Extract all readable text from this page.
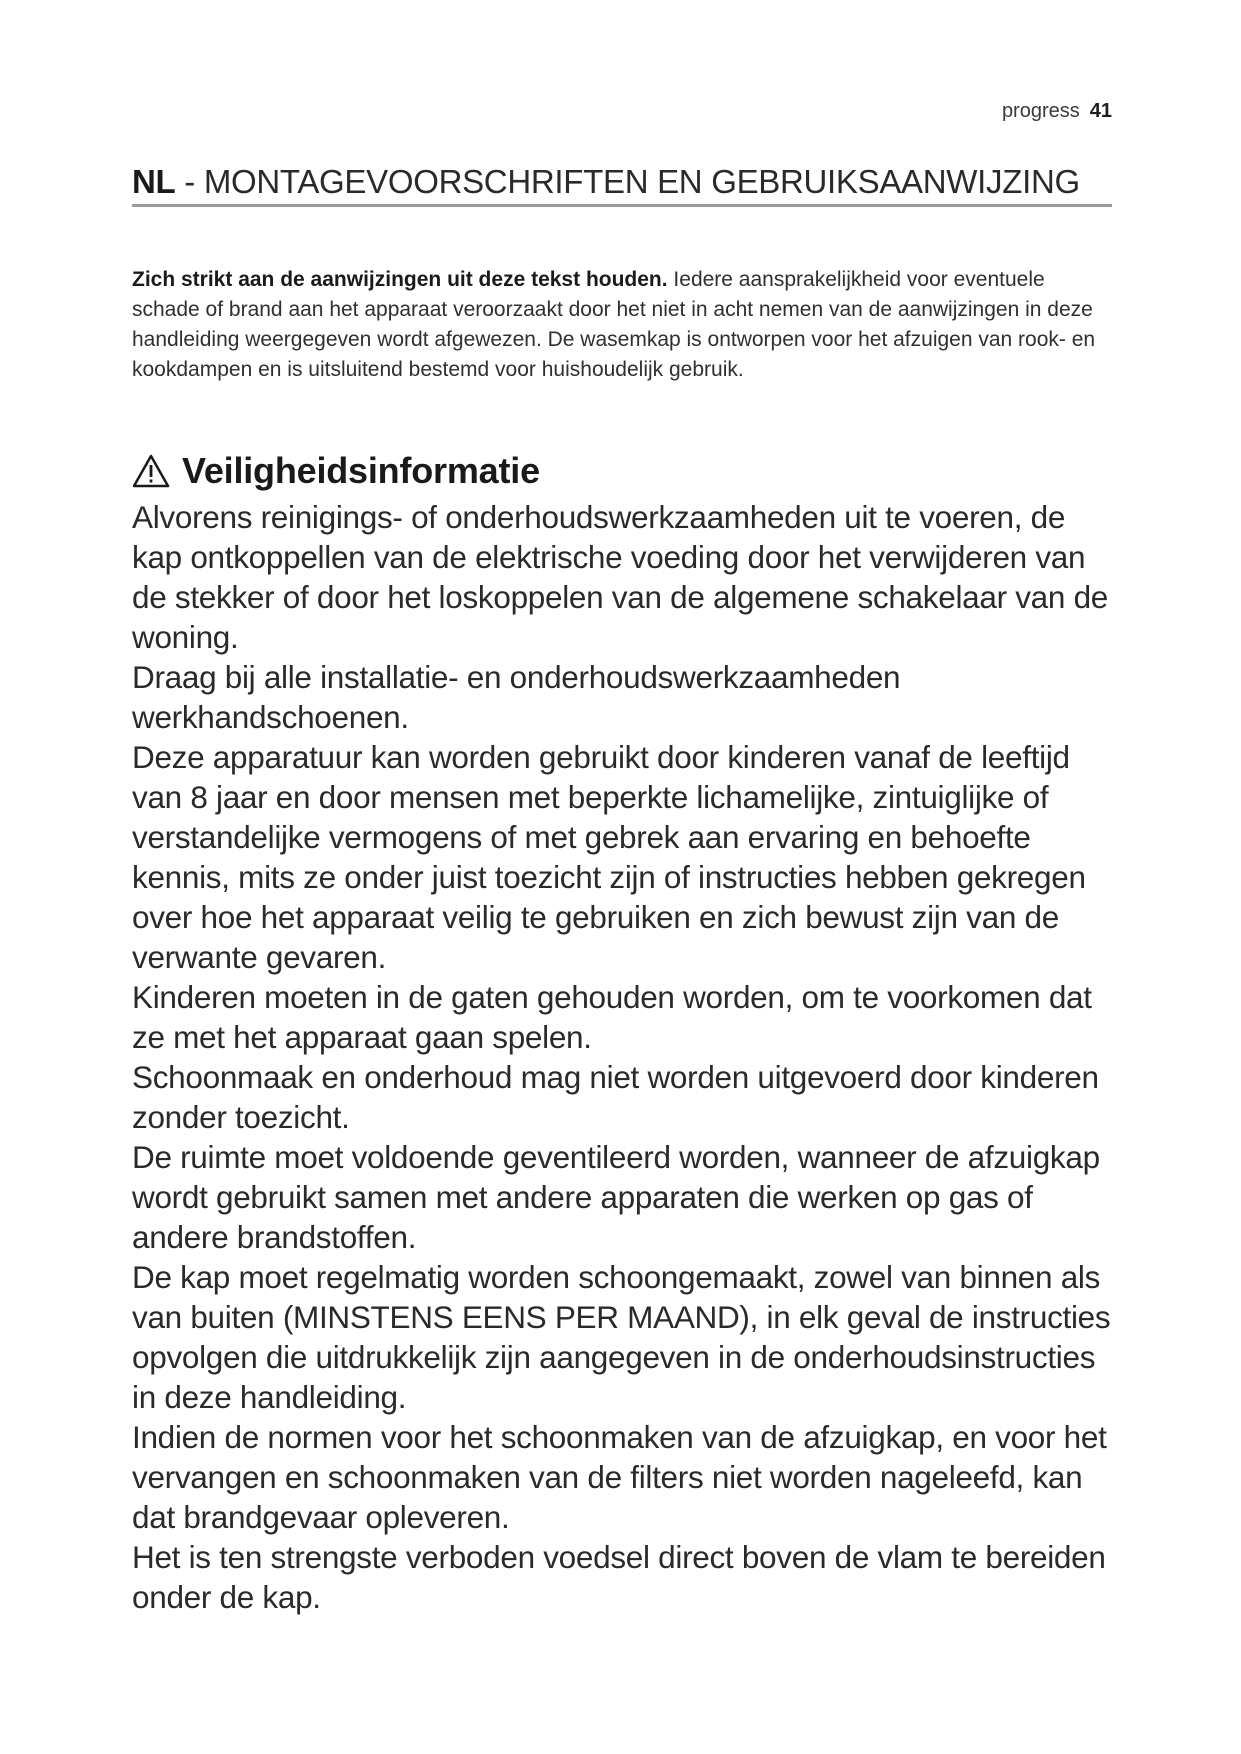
progress 41
NL - MONTAGEVOORSCHRIFTEN EN GEBRUIKSAANWIJZING

Zich strikt aan de aanwijzingen uit deze tekst houden. Iedere aansprakelijkheid voor eventuele schade of brand aan het apparaat veroorzaakt door het niet in acht nemen van de aanwijzingen in deze handleiding weergegeven wordt afgewezen. De wasemkap is ontworpen voor het afzuigen van rook- en kookdampen en is uitsluitend bestemd voor huishoudelijk gebruik.

Veiligheidsinformatie

Alvorens reinigings- of onderhoudswerkzaamheden uit te voeren, de kap ontkoppellen van de elektrische voeding door het verwijderen van de stekker of door het loskoppelen van de algemene schakelaar van de woning.

Draag bij alle installatie- en onderhoudswerkzaamheden werkhandschoenen.

Deze apparatuur kan worden gebruikt door kinderen vanaf de leeftijd van 8 jaar en door mensen met beperkte lichamelijke, zintuiglijke of verstandelijke vermogens of met gebrek aan ervaring en behoefte kennis, mits ze onder juist toezicht zijn of instructies hebben gekregen over hoe het apparaat veilig te gebruiken en zich bewust zijn van de verwante gevaren.

Kinderen moeten in de gaten gehouden worden, om te voorkomen dat ze met het apparaat gaan spelen.

Schoonmaak en onderhoud mag niet worden uitgevoerd door kinderen zonder toezicht.

De ruimte moet voldoende geventileerd worden, wanneer de afzuigkap wordt gebruikt samen met andere apparaten die werken op gas of andere brandstoffen.

De kap moet regelmatig worden schoongemaakt, zowel van binnen als van buiten (MINSTENS EENS PER MAAND), in elk geval de instructies opvolgen die uitdrukkelijk zijn aangegeven in de onderhoudsinstructies in deze handleiding.

Indien de normen voor het schoonmaken van de afzuigkap, en voor het vervangen en schoonmaken van de filters niet worden nageleefd, kan dat brandgevaar opleveren.

Het is ten strengste verboden voedsel direct boven de vlam te bereiden onder de kap.
